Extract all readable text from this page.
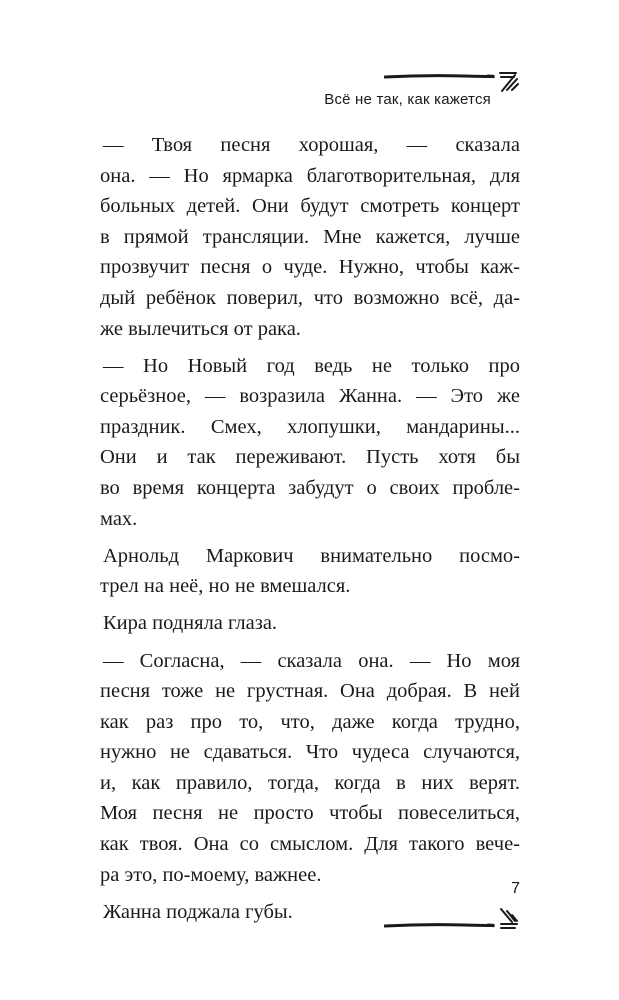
Всё не так, как кажется
— Твоя песня хорошая, — сказала
она. — Но ярмарка благотворительная, для
больных детей. Они будут смотреть концерт
в прямой трансляции. Мне кажется, лучше
прозвучит песня о чуде. Нужно, чтобы каж-
дый ребёнок поверил, что возможно всё, да-
же вылечиться от рака.
— Но Новый год ведь не только про
серьёзное, — возразила Жанна. — Это же
праздник. Смех, хлопушки, мандарины...
Они и так переживают. Пусть хотя бы
во время концерта забудут о своих пробле-
мах.
Арнольд Маркович внимательно посмо-
трел на неё, но не вмешался.
Кира подняла глаза.
— Согласна, — сказала она. — Но моя
песня тоже не грустная. Она добрая. В ней
как раз про то, что, даже когда трудно,
нужно не сдаваться. Что чудеса случаются,
и, как правило, тогда, когда в них верят.
Моя песня не просто чтобы повеселиться,
как твоя. Она со смыслом. Для такого вече-
ра это, по-моему, важнее.
Жанна поджала губы.
7
